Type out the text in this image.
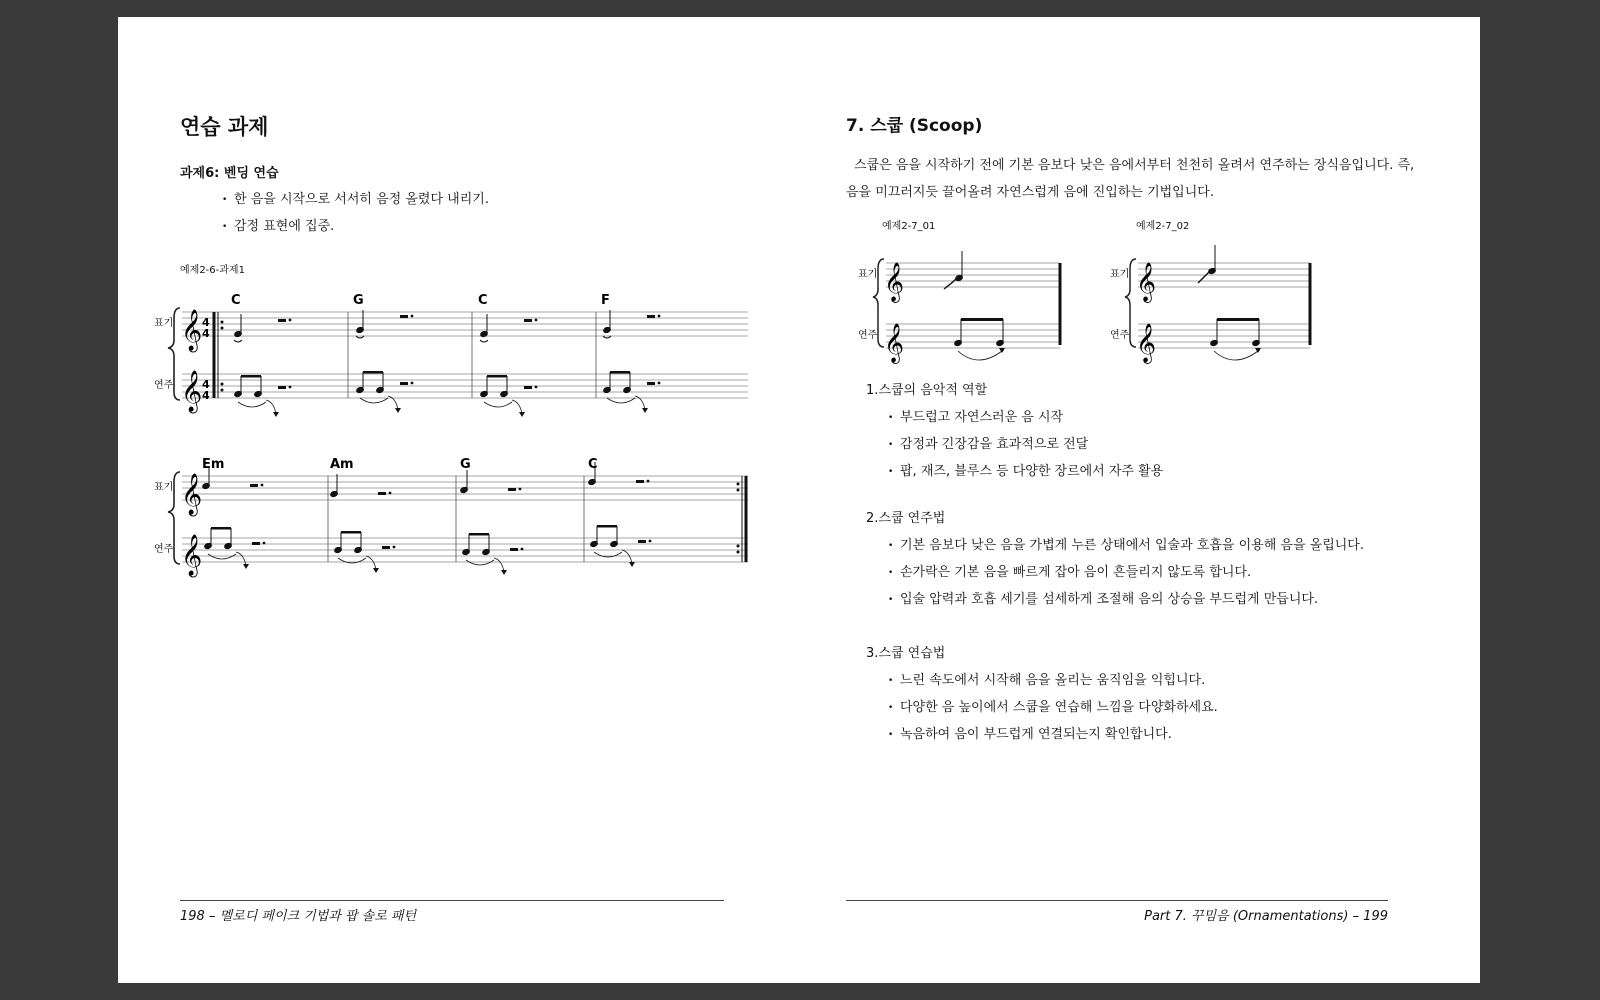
연습 과제
과제6: 벤딩 연습
• 한 음을 시작으로 서서히 음정 올렸다 내리기.
• 감정 표현에 집중.
예제2-6-과제1
표기
연주
표기
연주
𝄞
𝄞
𝄞
𝄞
4
4
4
4
C	G	C	F
Em	Am	G	C
198 – 멜로디 페이크 기법과 팝 솔로 패턴
7. 스쿱 (Scoop)
스쿱은 음을 시작하기 전에 기본 음보다 낮은 음에서부터 천천히 올려서 연주하는 장식음입니다. 즉,
음을 미끄러지듯 끌어올려 자연스럽게 음에 진입하는 기법입니다.
예제2-7_01	예제2-7_02
표기
연주
표기
연주
𝄞
𝄞
𝄞
𝄞
1.스쿱의 음악적 역할
• 부드럽고 자연스러운 음 시작
• 감정과 긴장감을 효과적으로 전달
• 팝, 재즈, 블루스 등 다양한 장르에서 자주 활용
2.스쿱 연주법
• 기본 음보다 낮은 음을 가볍게 누른 상태에서 입술과 호흡을 이용해 음을 올립니다.
• 손가락은 기본 음을 빠르게 잡아 음이 흔들리지 않도록 합니다.
• 입술 압력과 호흡 세기를 섬세하게 조절해 음의 상승을 부드럽게 만듭니다.
3.스쿱 연습법
• 느린 속도에서 시작해 음을 올리는 움직임을 익힙니다.
• 다양한 음 높이에서 스쿱을 연습해 느낌을 다양화하세요.
• 녹음하여 음이 부드럽게 연결되는지 확인합니다.
Part 7. 꾸밈음 (Ornamentations) – 199
